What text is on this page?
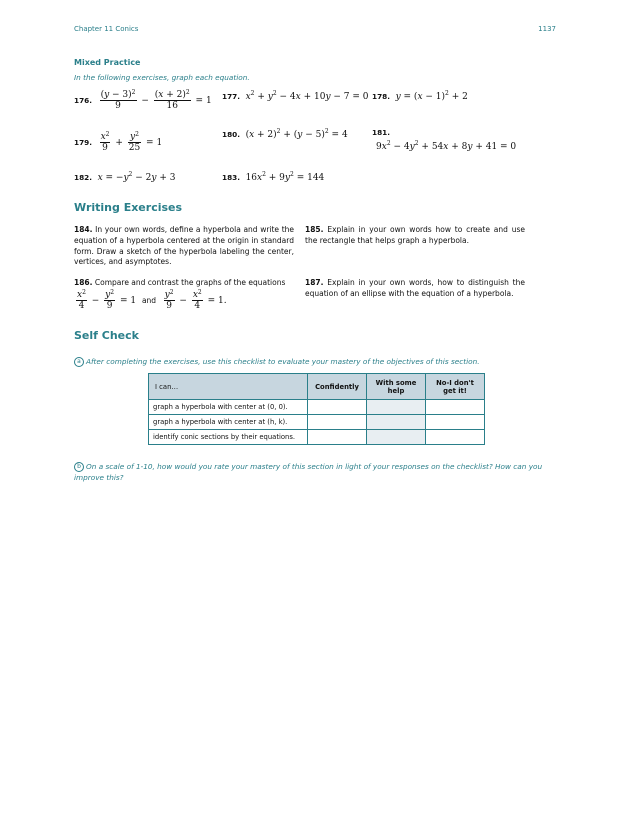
Chapter 11 Conics	1137
Mixed Practice
In the following exercises, graph each equation.
176. $\frac{(y - 3)^2}{9} - \frac{(x + 2)^2}{16} = 1$ 177. $x^2 + y^2 - 4x + 10y - 7 = 0$ 178. $y = (x - 1)^2 + 2$
179. $\frac{x^2}{9} + \frac{y^2}{25} = 1$
180. $(x + 2)^2 + (y - 5)^2 = 4$	181.
$9x^2 - 4y^2 + 54x + 8y + 41 = 0$
182. $x = -y^2 - 2y + 3$	183. $16x^2 + 9y^2 = 144$
Writing Exercises
184. In your own words, define a hyperbola and write the equation of a hyperbola centered at the origin in standard form. Draw a sketch of the hyperbola labeling the center, vertices, and asymptotes.
185. Explain in your own words how to create and use the rectangle that helps graph a hyperbola.
186. Compare and contrast the graphs of the equations
$\frac{x^2}{4} - \frac{y^2}{9} = 1$ and $\frac{y^2}{9} - \frac{x^2}{4} = 1$.
187. Explain in your own words, how to distinguish the equation of an ellipse with the equation of a hyperbola.
Self Check
a After completing the exercises, use this checklist to evaluate your mastery of the objectives of this section.
I can…	Confidently	With some help	No-I don't get it!
graph a hyperbola with center at (0, 0).			
graph a hyperbola with center at (h, k).			
identify conic sections by their equations.			
b On a scale of 1-10, how would you rate your mastery of this section in light of your responses on the checklist? How can you improve this?
